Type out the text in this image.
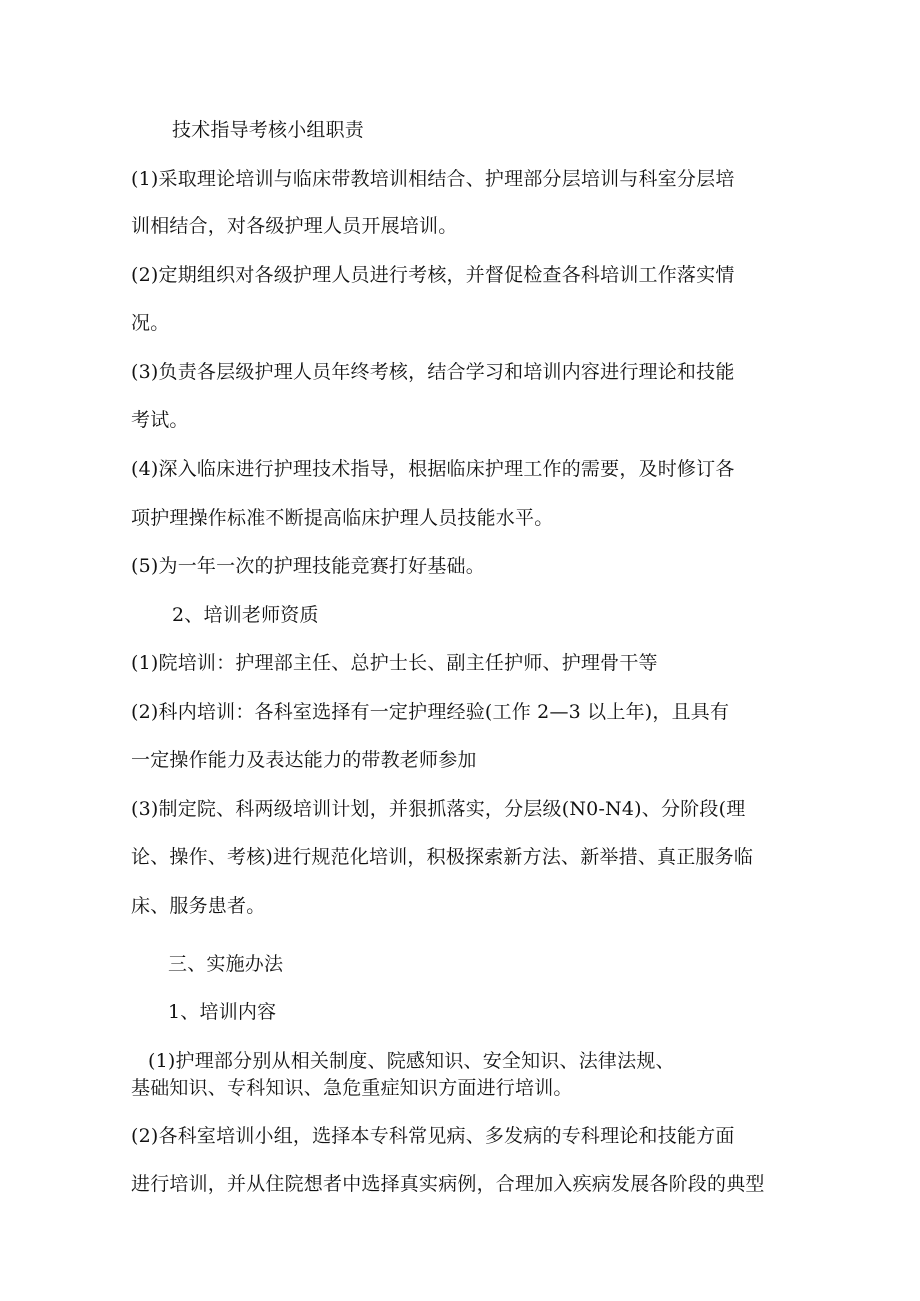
技术指导考核小组职责
(1)采取理论培训与临床带教培训相结合、护理部分层培训与科室分层培
训相结合，对各级护理人员开展培训。
(2)定期组织对各级护理人员进行考核，并督促检查各科培训工作落实情
况。
(3)负责各层级护理人员年终考核，结合学习和培训内容进行理论和技能
考试。
(4)深入临床进行护理技术指导，根据临床护理工作的需要，及时修订各
项护理操作标准不断提高临床护理人员技能水平。
(5)为一年一次的护理技能竞赛打好基础。
2、培训老师资质
(1)院培训：护理部主任、总护士长、副主任护师、护理骨干等
(2)科内培训：各科室选择有一定护理经验(工作 2—3 以上年)，且具有
一定操作能力及表达能力的带教老师参加
(3)制定院、科两级培训计划，并狠抓落实，分层级(N0-N4)、分阶段(理
论、操作、考核)进行规范化培训，积极探索新方法、新举措、真正服务临
床、服务患者。
三、实施办法
1、培训内容
(1)护理部分别从相关制度、院感知识、安全知识、法律法规、
基础知识、专科知识、急危重症知识方面进行培训。
(2)各科室培训小组，选择本专科常见病、多发病的专科理论和技能方面
进行培训，并从住院想者中选择真实病例，合理加入疾病发展各阶段的典型
